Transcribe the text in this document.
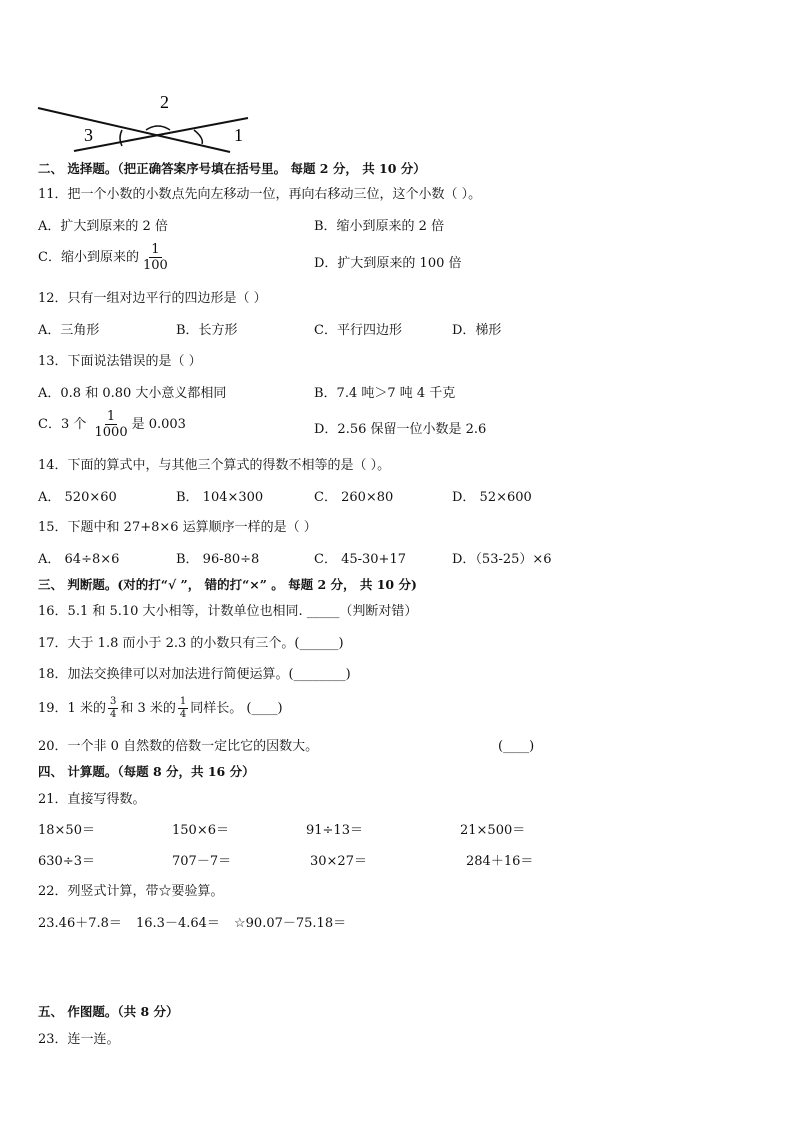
2
3	1
二、 选择题。（把正确答案序号填在括号里。 每题 2 分， 共 10 分）
11．把一个小数的小数点先向左移动一位，再向右移动三位，这个小数（ ）。
A．扩大到原来的 2 倍	B．缩小到原来的 2 倍
C．缩小到原来的 $\frac{1}{100}$	D．扩大到原来的 100 倍
12．只有一组对边平行的四边形是（ ）
A．三角形	B．长方形	C．平行四边形	D．梯形
13．下面说法错误的是（ ）
A．0.8 和 0.80 大小意义都相同	B．7.4 吨＞7 吨 4 千克
C．3 个 $\frac{1}{1000}$ 是 0.003	D．2.56 保留一位小数是 2.6
14．下面的算式中，与其他三个算式的得数不相等的是（ ）。
A． 520×60	B． 104×300	C． 260×80	D． 52×600
15．下题中和 27+8×6 运算顺序一样的是（ ）
A． 64÷8×6	B． 96-80÷8	C． 45-30+17	D．（53-25）×6
三、 判断题。(对的打“√ ”， 错的打“×” 。 每题 2 分， 共 10 分)
16．5.1 和 5.10 大小相等，计数单位也相同. _____（判断对错）
17．大于 1.8 而小于 2.3 的小数只有三个。(______)
18．加法交换律可以对加法进行简便运算。(________)
19．1 米的 $\frac{3}{4}$ 和 3 米的 $\frac{1}{4}$ 同样长。 (____)
20．一个非 0 自然数的倍数一定比它的因数大。	(____)
四、 计算题。（每题 8 分，共 16 分）
21．直接写得数。
18×50＝	150×6＝	91÷13＝	21×500＝
630÷3＝	707－7＝	30×27＝	284＋16＝
22．列竖式计算，带☆要验算。
23.46＋7.8＝ 16.3－4.64＝ ☆90.07－75.18＝
五、 作图题。（共 8 分）
23．连一连。
